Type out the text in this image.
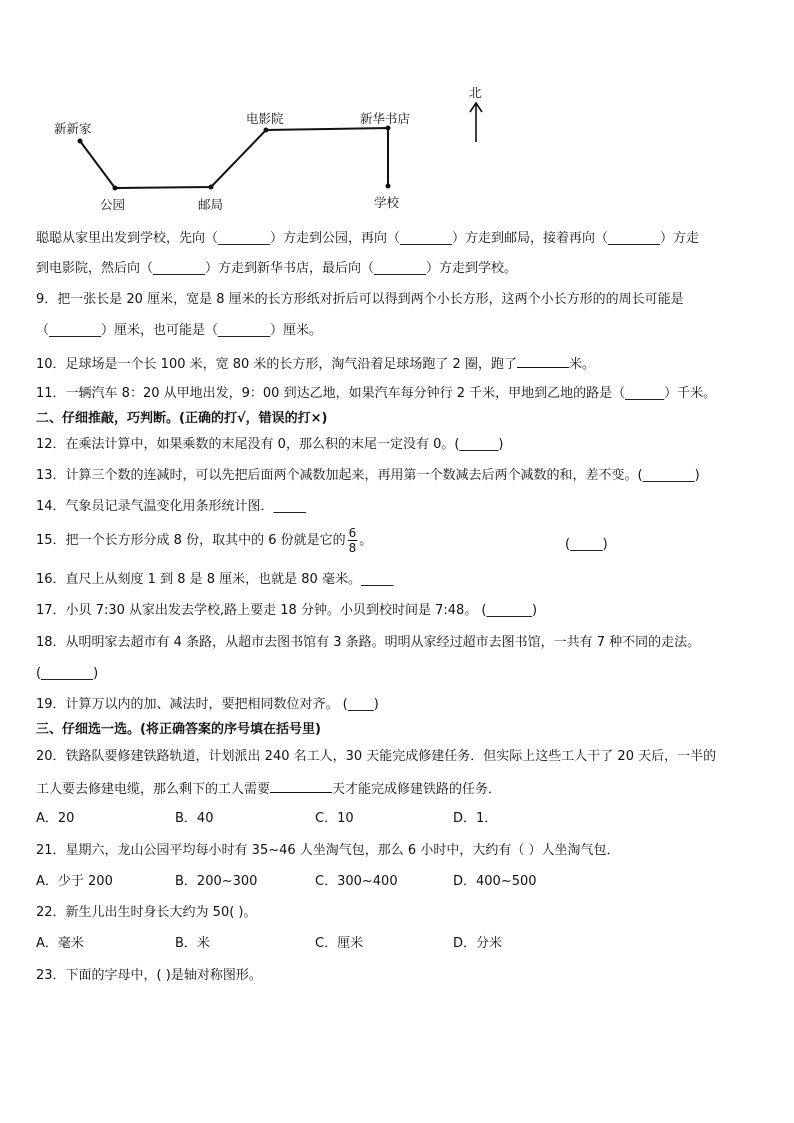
新新家
公园	邮局
电影院	新华书店
学校
北
聪聪从家里出发到学校，先向（________）方走到公园，再向（________）方走到邮局，接着再向（________）方走
到电影院，然后向（________）方走到新华书店，最后向（________）方走到学校。
9．把一张长是 20 厘米，宽是 8 厘米的长方形纸对折后可以得到两个小长方形，这两个小长方形的的周长可能是
（________）厘米，也可能是（________）厘米。
10．足球场是一个长 100 米，宽 80 米的长方形，淘气沿着足球场跑了 2 圈，跑了	米。
11．一辆汽车 8：20 从甲地出发，9：00 到达乙地，如果汽车每分钟行 2 千米，甲地到乙地的路是（______）千米。
二、仔细推敲，巧判断。(正确的打√，错误的打×)
12．在乘法计算中，如果乘数的末尾没有 0，那么积的末尾一定没有 0。(______)
13．计算三个数的连减时，可以先把后面两个减数加起来，再用第一个数减去后两个减数的和，差不变。(________)
14．气象员记录气温变化用条形统计图．_____
15．把一个长方形分成 8 份，取其中的 6 份就是它的 $\frac{6}{8}$ 。	(_____)
16．直尺上从刻度 1 到 8 是 8 厘米，也就是 80 毫米。_____
17．小贝 7:30 从家出发去学校,路上要走 18 分钟。小贝到校时间是 7:48。 (_______)
18．从明明家去超市有 4 条路，从超市去图书馆有 3 条路。明明从家经过超市去图书馆，一共有 7 种不同的走法。
(________)
19．计算万以内的加、减法时，要把相同数位对齐。 (____)
三、仔细选一选。(将正确答案的序号填在括号里)
20．铁路队要修建铁路轨道，计划派出 240 名工人，30 天能完成修建任务．但实际上这些工人干了 20 天后，一半的
工人要去修建电缆，那么剩下的工人需要	天才能完成修建铁路的任务．
A．20	B．40	C．10	D．1．
21．星期六，龙山公园平均每小时有 35~46 人坐淘气包，那么 6 小时中，大约有（ ）人坐淘气包．
A．少于 200	B．200~300	C．300~400	D．400~500
22．新生儿出生时身长大约为 50( )。
A．毫米	B．米	C．厘米	D．分米
23．下面的字母中，( )是轴对称图形。
